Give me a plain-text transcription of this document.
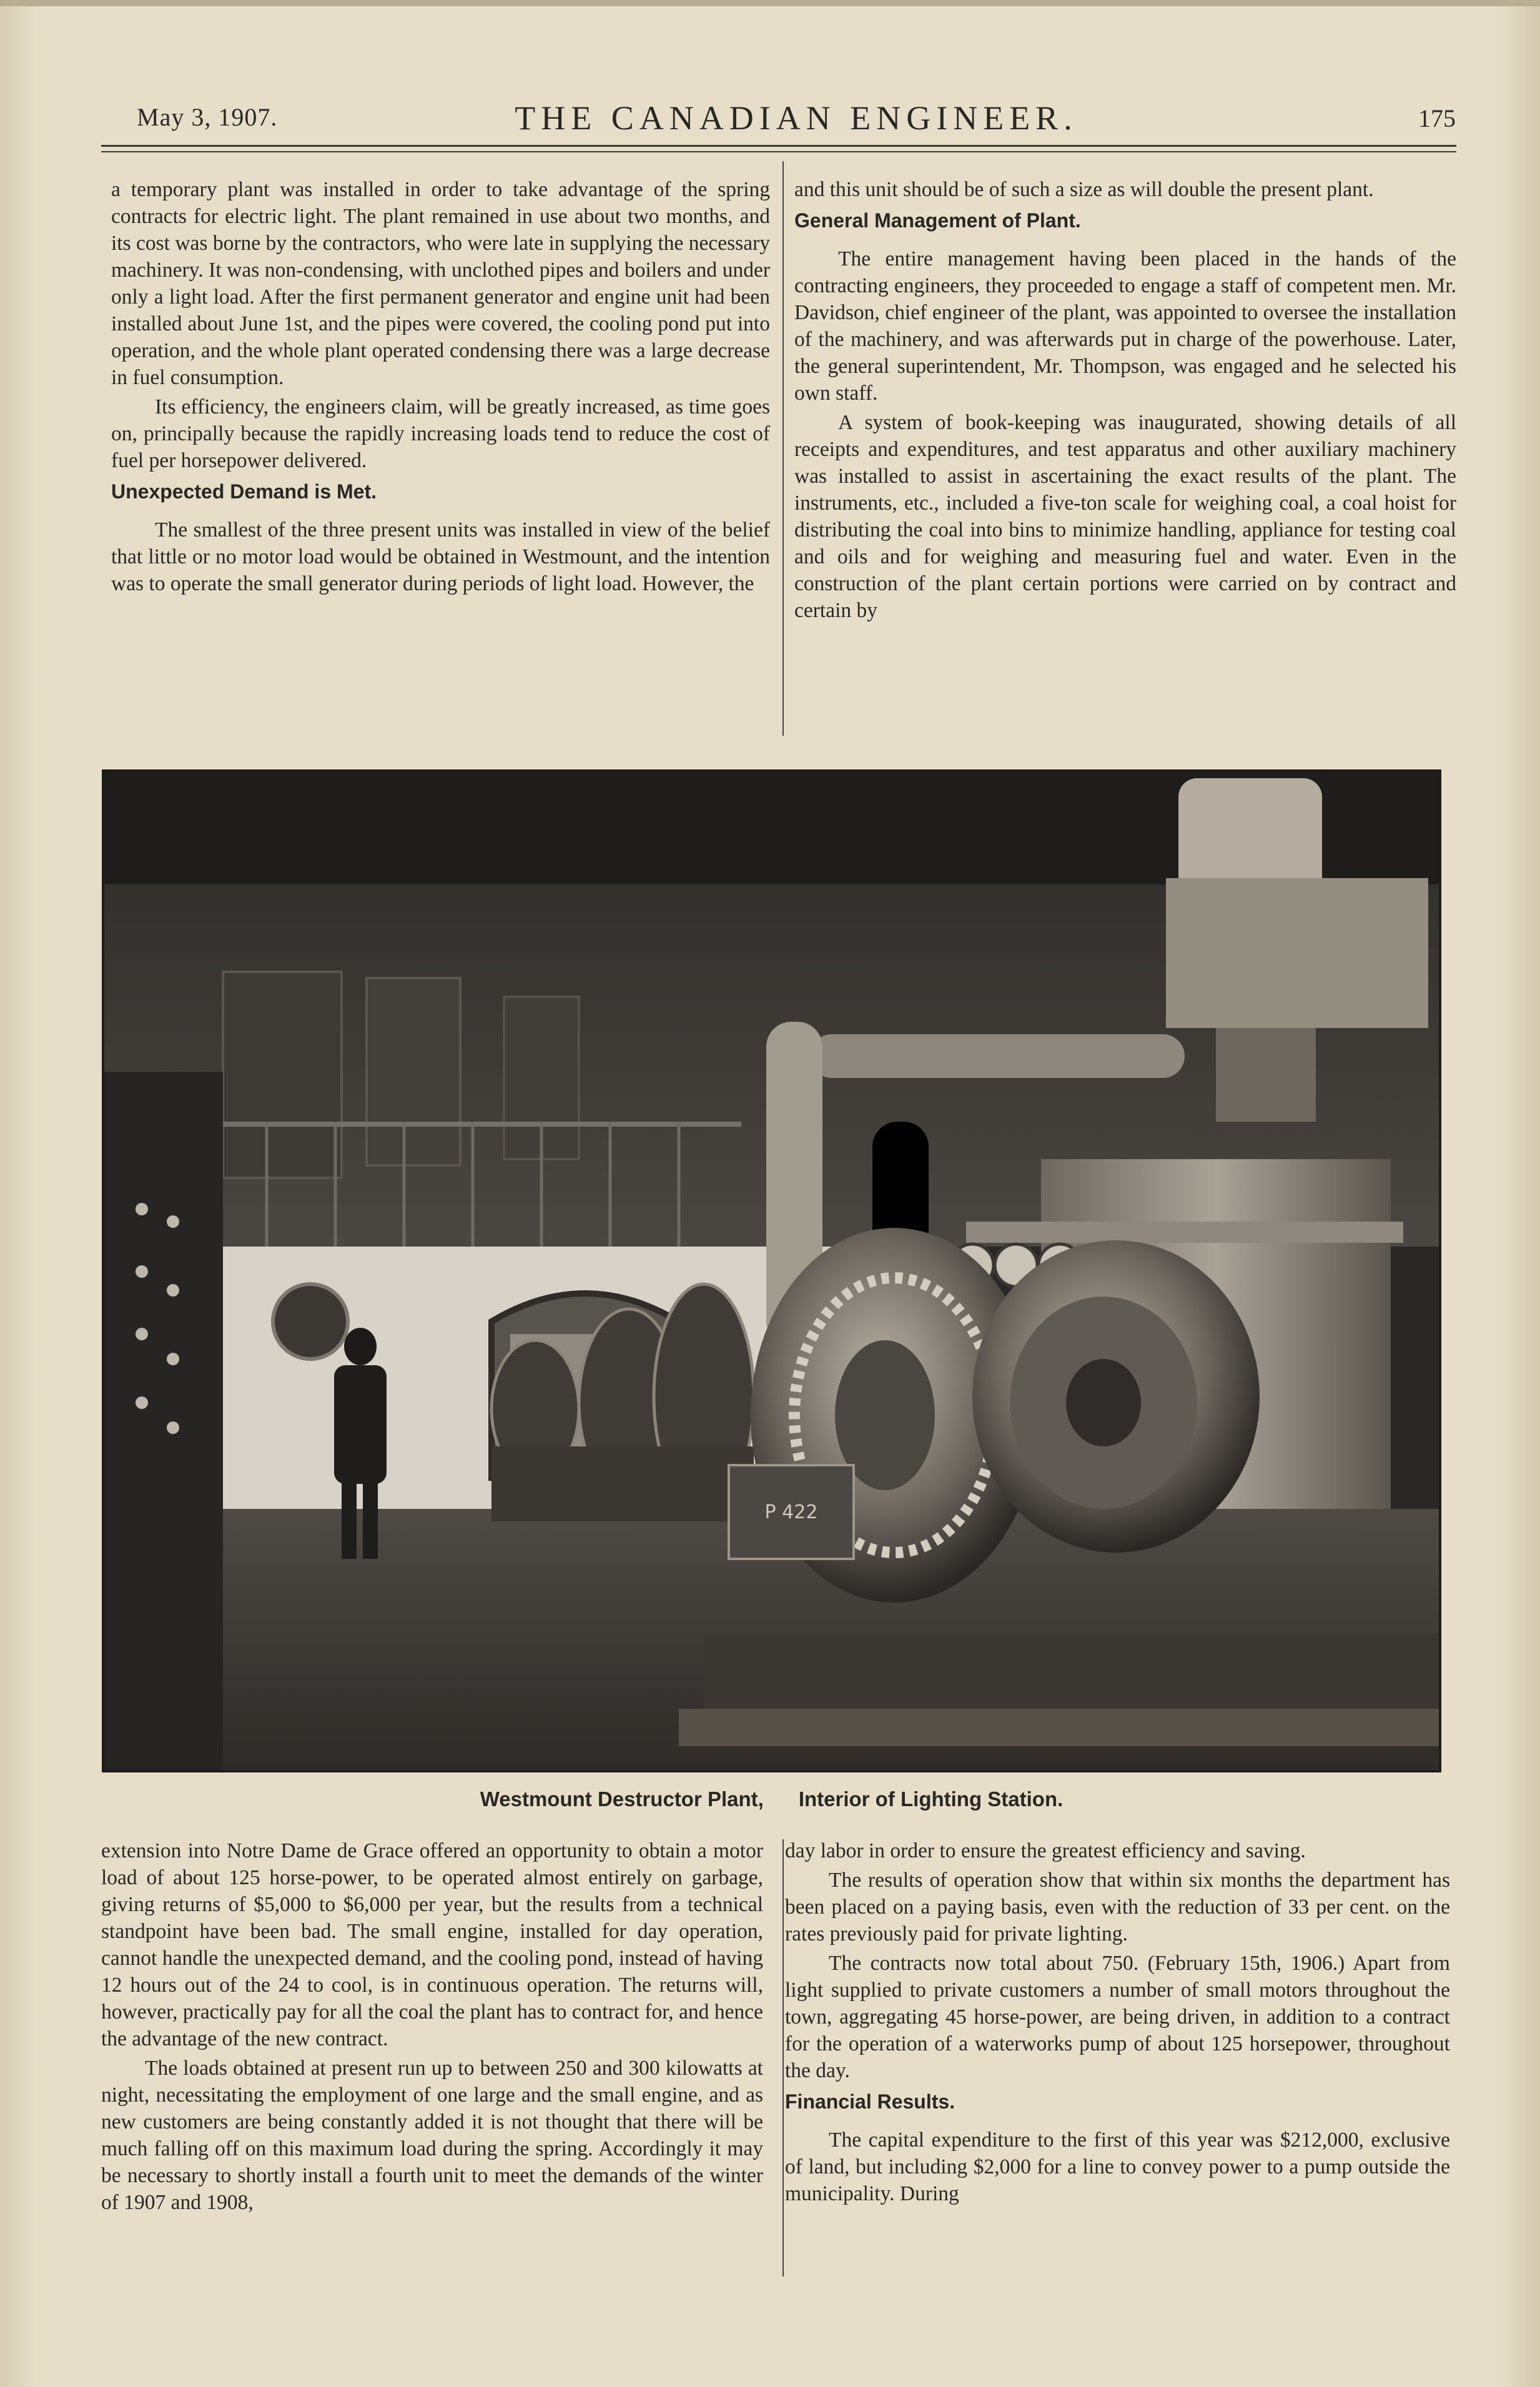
May 3, 1907.	THE CANADIAN ENGINEER.	175

a temporary plant was installed in order to take advantage of the spring contracts for electric light. The plant remained in use about two months, and its cost was borne by the contractors, who were late in supplying the necessary machinery. It was non-condensing, with unclothed pipes and boilers and under only a light load. After the first permanent generator and engine unit had been installed about June 1st, and the pipes were covered, the cooling pond put into operation, and the whole plant operated condensing there was a large decrease in fuel consumption.

Its efficiency, the engineers claim, will be greatly increased, as time goes on, principally because the rapidly increasing loads tend to reduce the cost of fuel per horsepower delivered.

Unexpected Demand is Met.

The smallest of the three present units was installed in view of the belief that little or no motor load would be obtained in Westmount, and the intention was to operate the small generator during periods of light load. However, the

and this unit should be of such a size as will double the present plant.

General Management of Plant.

The entire management having been placed in the hands of the contracting engineers, they proceeded to engage a staff of competent men. Mr. Davidson, chief engineer of the plant, was appointed to oversee the installation of the machinery, and was afterwards put in charge of the powerhouse. Later, the general superintendent, Mr. Thompson, was engaged and he selected his own staff.

A system of book-keeping was inaugurated, showing details of all receipts and expenditures, and test apparatus and other auxiliary machinery was installed to assist in ascertaining the exact results of the plant. The instruments, etc., included a five-ton scale for weighing coal, a coal hoist for distributing the coal into bins to minimize handling, appliance for testing coal and oils and for weighing and measuring fuel and water. Even in the construction of the plant certain portions were carried on by contract and certain by

P 422
Westmount Destructor Plant, Interior of Lighting Station.

extension into Notre Dame de Grace offered an opportunity to obtain a motor load of about 125 horse-power, to be operated almost entirely on garbage, giving returns of $5,000 to $6,000 per year, but the results from a technical standpoint have been bad. The small engine, installed for day operation, cannot handle the unexpected demand, and the cooling pond, instead of having 12 hours out of the 24 to cool, is in continuous operation. The returns will, however, practically pay for all the coal the plant has to contract for, and hence the advantage of the new contract.

The loads obtained at present run up to between 250 and 300 kilowatts at night, necessitating the employment of one large and the small engine, and as new customers are being constantly added it is not thought that there will be much falling off on this maximum load during the spring. Accordingly it may be necessary to shortly install a fourth unit to meet the demands of the winter of 1907 and 1908,

day labor in order to ensure the greatest efficiency and saving.

The results of operation show that within six months the department has been placed on a paying basis, even with the reduction of 33 per cent. on the rates previously paid for private lighting.

The contracts now total about 750. (February 15th, 1906.) Apart from light supplied to private customers a number of small motors throughout the town, aggregating 45 horse-power, are being driven, in addition to a contract for the operation of a waterworks pump of about 125 horsepower, throughout the day.

Financial Results.

The capital expenditure to the first of this year was $212,000, exclusive of land, but including $2,000 for a line to convey power to a pump outside the municipality. During
